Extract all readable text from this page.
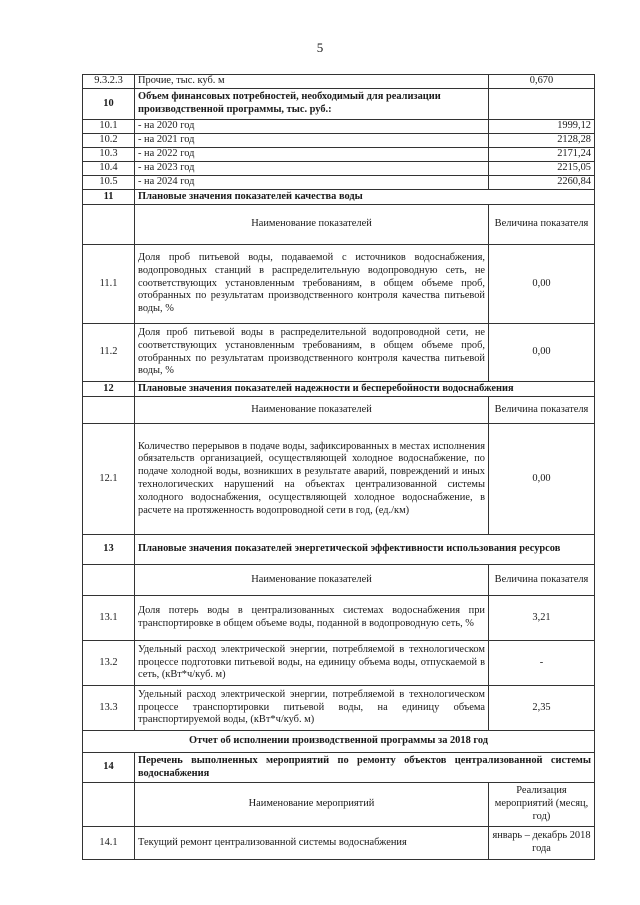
5
9.3.2.3	Прочие, тыс. куб. м	0,670
10	Объем финансовых потребностей, необходимый для реализации производственной программы, тыс. руб.:	
10.1	- на 2020 год	1999,12
10.2	- на 2021 год	2128,28
10.3	- на 2022 год	2171,24
10.4	- на 2023 год	2215,05
10.5	- на 2024 год	2260,84
11	Плановые значения показателей качества воды	
	Наименование показателей	Величина показателя
11.1	Доля проб питьевой воды, подаваемой с источников водоснабжения, водопроводных станций в распределительную водопроводную сеть, не соответствующих установленным требованиям, в общем объеме проб, отобранных по результатам производственного контроля качества питьевой воды, %	0,00
11.2	Доля проб питьевой воды в распределительной водопроводной сети, не соответствующих установленным требованиям, в общем объеме проб, отобранных по результатам производственного контроля качества питьевой воды, %	0,00
12	Плановые значения показателей надежности и бесперебойности водоснабжения	
	Наименование показателей	Величина показателя
12.1	Количество перерывов в подаче воды, зафиксированных в местах исполнения обязательств организацией, осуществляющей холодное водоснабжение, по подаче холодной воды, возникших в результате аварий, повреждений и иных технологических нарушений на объектах централизованной системы холодного водоснабжения, осуществляющей холодное водоснабжение, в расчете на протяженность водопроводной сети в год, (ед./км)	0,00
13	Плановые значения показателей энергетической эффективности использования ресурсов	
	Наименование показателей	Величина показателя
13.1	Доля потерь воды в централизованных системах водоснабжения при транспортировке в общем объеме воды, поданной в водопроводную сеть, %	3,21
13.2	Удельный расход электрической энергии, потребляемой в технологическом процессе подготовки питьевой воды, на единицу объема воды, отпускаемой в сеть, (кВт*ч/куб. м)	-
13.3	Удельный расход электрической энергии, потребляемой в технологическом процессе транспортировки питьевой воды, на единицу объема транспортируемой воды, (кВт*ч/куб. м)	2,35
Отчет об исполнении производственной программы за 2018 год		
14	Перечень выполненных мероприятий по ремонту объектов централизованной системы водоснабжения	
	Наименование мероприятий	Реализация мероприятий (месяц, год)
14.1	Текущий ремонт централизованной системы водоснабжения	январь – декабрь 2018 года
